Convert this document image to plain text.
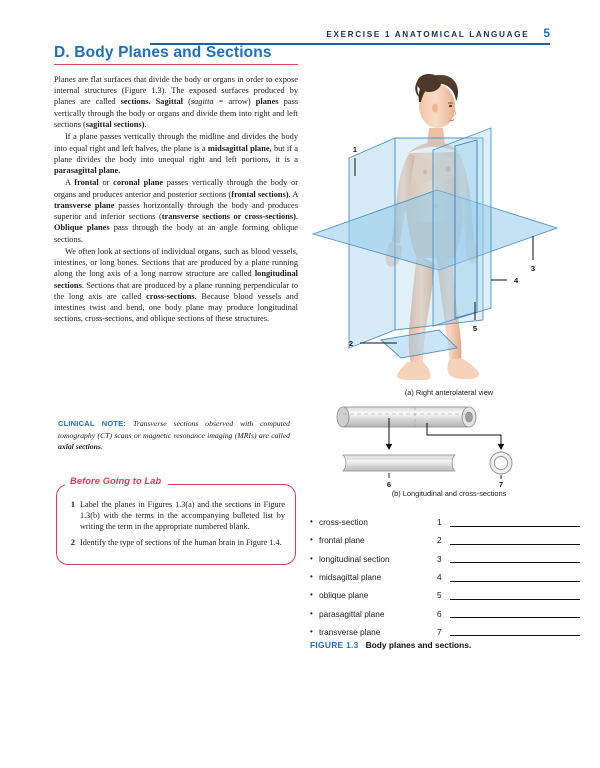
EXERCISE 1 ANATOMICAL LANGUAGE 5
D. Body Planes and Sections

Planes are flat surfaces that divide the body or organs in order to expose internal structures (Figure 1.3). The exposed surfaces produced by planes are called sections. Sagittal (sagitta = arrow) planes pass vertically through the body or organs and divide them into right and left sections (sagittal sections).

If a plane passes vertically through the midline and divides the body into equal right and left halves, the plane is a midsagittal plane, but if a plane divides the body into unequal right and left portions, it is a parasagittal plane.

A frontal or coronal plane passes vertically through the body or organs and produces anterior and posterior sections (frontal sections). A transverse plane passes horizontally through the body and produces superior and inferior sections (transverse sections or cross-sections). Oblique planes pass through the body at an angle forming oblique sections.

We often look at sections of individual organs, such as blood vessels, intestines, or long bones. Sections that are produced by a plane running along the long axis of a long narrow structure are called longitudinal sections. Sections that are produced by a plane running perpendicular to the long axis are called cross-sections. Because blood vessels and intestines twist and bend, one body plane may produce longitudinal sections, cross-sections, and oblique sections of these structures.

CLINICAL NOTE: Transverse sections observed with computed tomography (CT) scans or magnetic resonance imaging (MRIs) are called axial sections.
Before Going to Lab
1 Label the planes in Figures 1.3(a) and the sections in Figure 1.3(b) with the terms in the accompanying bulleted list by writing the term in the appropriate numbered blank.
2 Identify the type of sections of the human brain in Figure 1.4.
1
2
3
4
5
(a) Right anterolateral view
6	7
(b) Longitudinal and cross-sections
• cross-section	1
• frontal plane	2
• longitudinal section	3
• midsagittal plane	4
• oblique plane	5
• parasagittal plane	6
• transverse plane	7
FIGURE 1.3 Body planes and sections.
